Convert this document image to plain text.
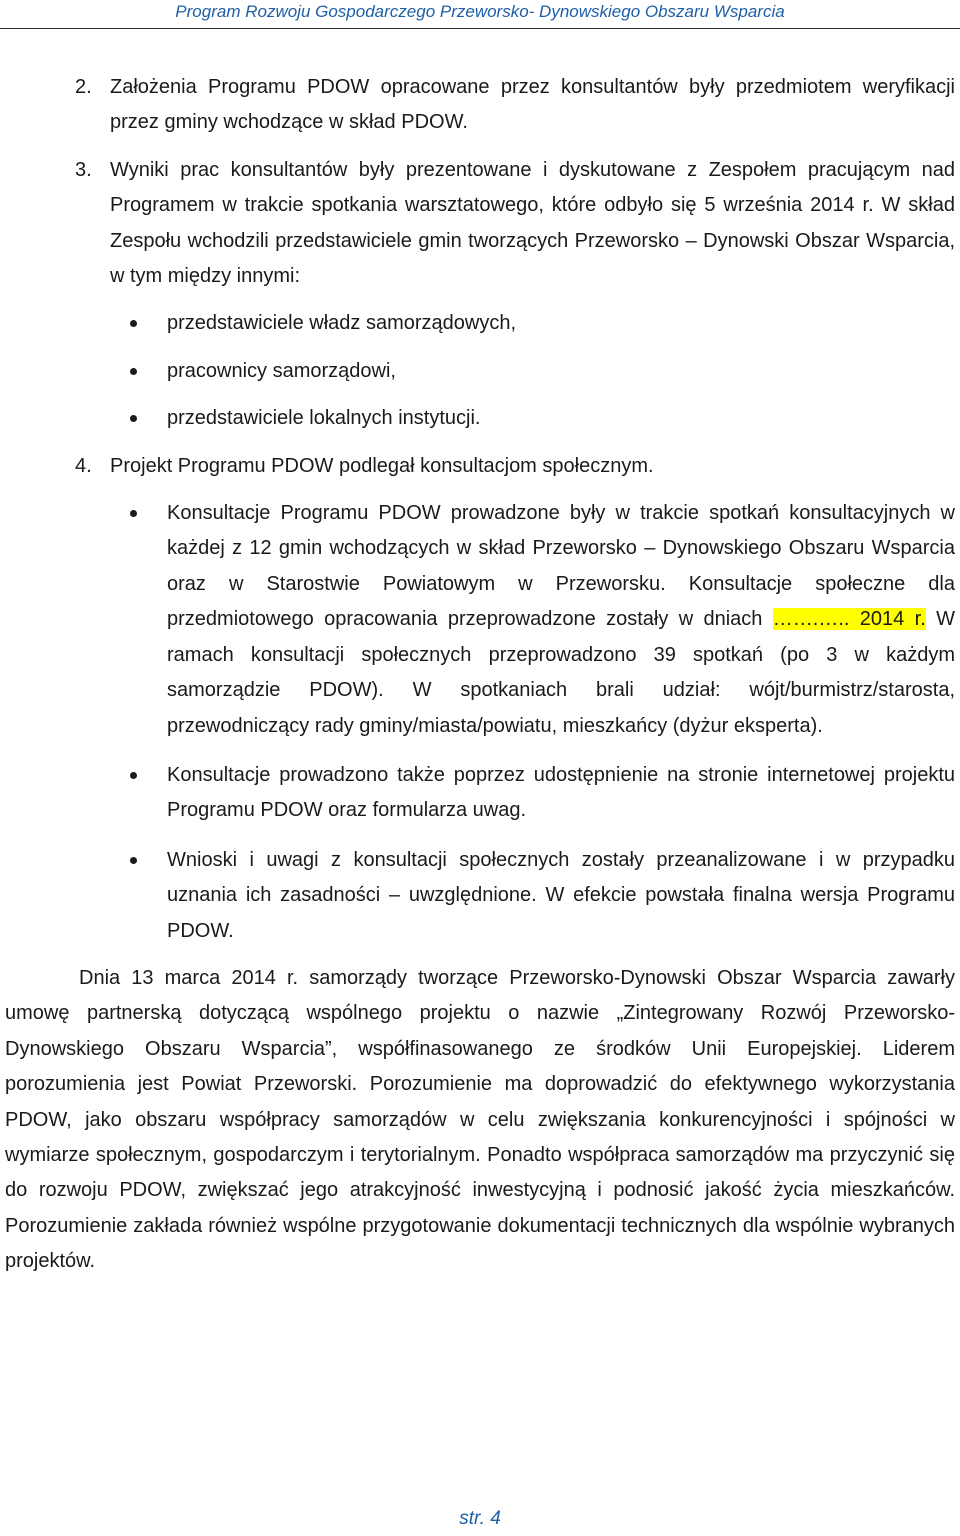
Program Rozwoju Gospodarczego Przeworsko- Dynowskiego Obszaru Wsparcia
2. Założenia Programu PDOW opracowane przez konsultantów były przedmiotem weryfikacji przez gminy wchodzące w skład PDOW.
3. Wyniki prac konsultantów były prezentowane i dyskutowane z Zespołem pracującym nad Programem w trakcie spotkania warsztatowego, które odbyło się 5 września 2014 r. W skład Zespołu wchodzili przedstawiciele gmin tworzących Przeworsko – Dynowski Obszar Wsparcia, w tym między innymi:
przedstawiciele władz samorządowych,
pracownicy samorządowi,
przedstawiciele lokalnych instytucji.
4. Projekt Programu PDOW podlegał konsultacjom społecznym.
Konsultacje Programu PDOW prowadzone były w trakcie spotkań konsultacyjnych w każdej z 12 gmin wchodzących w skład Przeworsko – Dynowskiego Obszaru Wsparcia oraz w Starostwie Powiatowym w Przeworsku. Konsultacje społeczne dla przedmiotowego opracowania przeprowadzone zostały w dniach …….….. 2014 r. W ramach konsultacji społecznych przeprowadzono 39 spotkań (po 3 w każdym samorządzie PDOW). W spotkaniach brali udział: wójt/burmistrz/starosta, przewodniczący rady gminy/miasta/powiatu, mieszkańcy (dyżur eksperta).
Konsultacje prowadzono także poprzez udostępnienie na stronie internetowej projektu Programu PDOW oraz formularza uwag.
Wnioski i uwagi z konsultacji społecznych zostały przeanalizowane i w przypadku uznania ich zasadności – uwzględnione. W efekcie powstała finalna wersja Programu PDOW.

Dnia 13 marca 2014 r. samorządy tworzące Przeworsko-Dynowski Obszar Wsparcia zawarły umowę partnerską dotyczącą wspólnego projektu o nazwie „Zintegrowany Rozwój Przeworsko-Dynowskiego Obszaru Wsparcia”, współfinasowanego ze środków Unii Europejskiej. Liderem porozumienia jest Powiat Przeworski. Porozumienie ma doprowadzić do efektywnego wykorzystania PDOW, jako obszaru współpracy samorządów w celu zwiększania konkurencyjności i spójności w wymiarze społecznym, gospodarczym i terytorialnym. Ponadto współpraca samorządów ma przyczynić się do rozwoju PDOW, zwiększać jego atrakcyjność inwestycyjną i podnosić jakość życia mieszkańców. Porozumienie zakłada również wspólne przygotowanie dokumentacji technicznych dla wspólnie wybranych projektów.

str. 4
